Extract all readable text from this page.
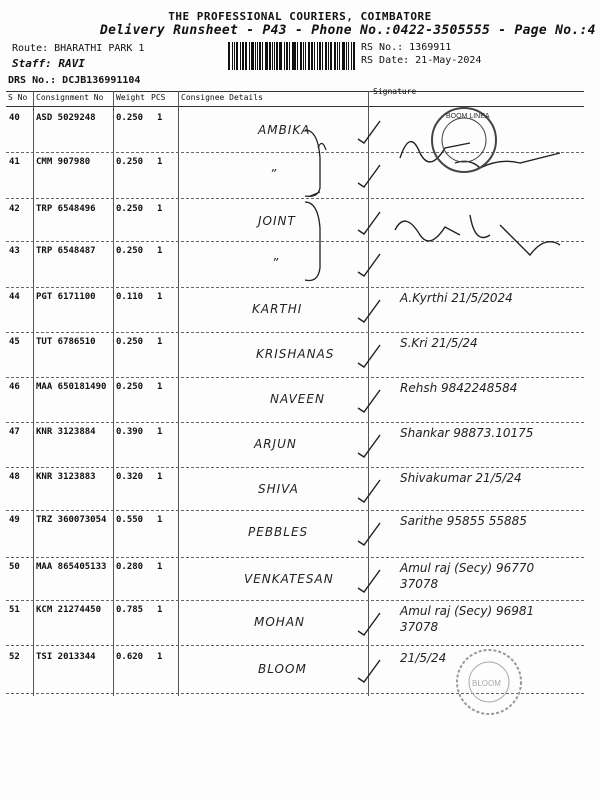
THE PROFESSIONAL COURIERS, COIMBATORE
Delivery Runsheet - P43 - Phone No.:0422-3505555 - Page No.:4
Route: BHARATHI PARK 1
Staff: RAVI
DRS No.: DCJB136991104
RS No.: 1369911
RS Date: 21-May-2024
S No Consignment No Weight PCS Consignee Details
Signature
40 ASD 5029248 0.250 1
AMBIKA
41 CMM 907980	0.250 1
”
42 TRP 6548496 0.250 1
JOINT
43 TRP 6548487 0.250 1
”
44 PGT 6171100 0.110 1
KARTHI
A.Kyrthi 21/5/2024
45 TUT 6786510 0.250 1
KRISHANAS
S.Kri 21/5/24
46 MAA 650181490 0.250 1
NAVEEN
Rehsh 9842248584
47 KNR 3123884 0.390 1
ARJUN
Shankar 98873.10175
48 KNR 3123883 0.320 1
SHIVA
Shivakumar 21/5/24
49 TRZ 360073054 0.550 1
PEBBLES
Sarithe 95855 55885
50 MAA 865405133 0.280 1
VENKATESAN
Amul raj (Secy) 96770 37078
51 KCM 21274450 0.785 1
MOHAN
Amul raj (Secy) 96981 37078
52 TSI 2013344 0.620 1
BLOOM
21/5/24
BOOM LINEA
BLOOM
